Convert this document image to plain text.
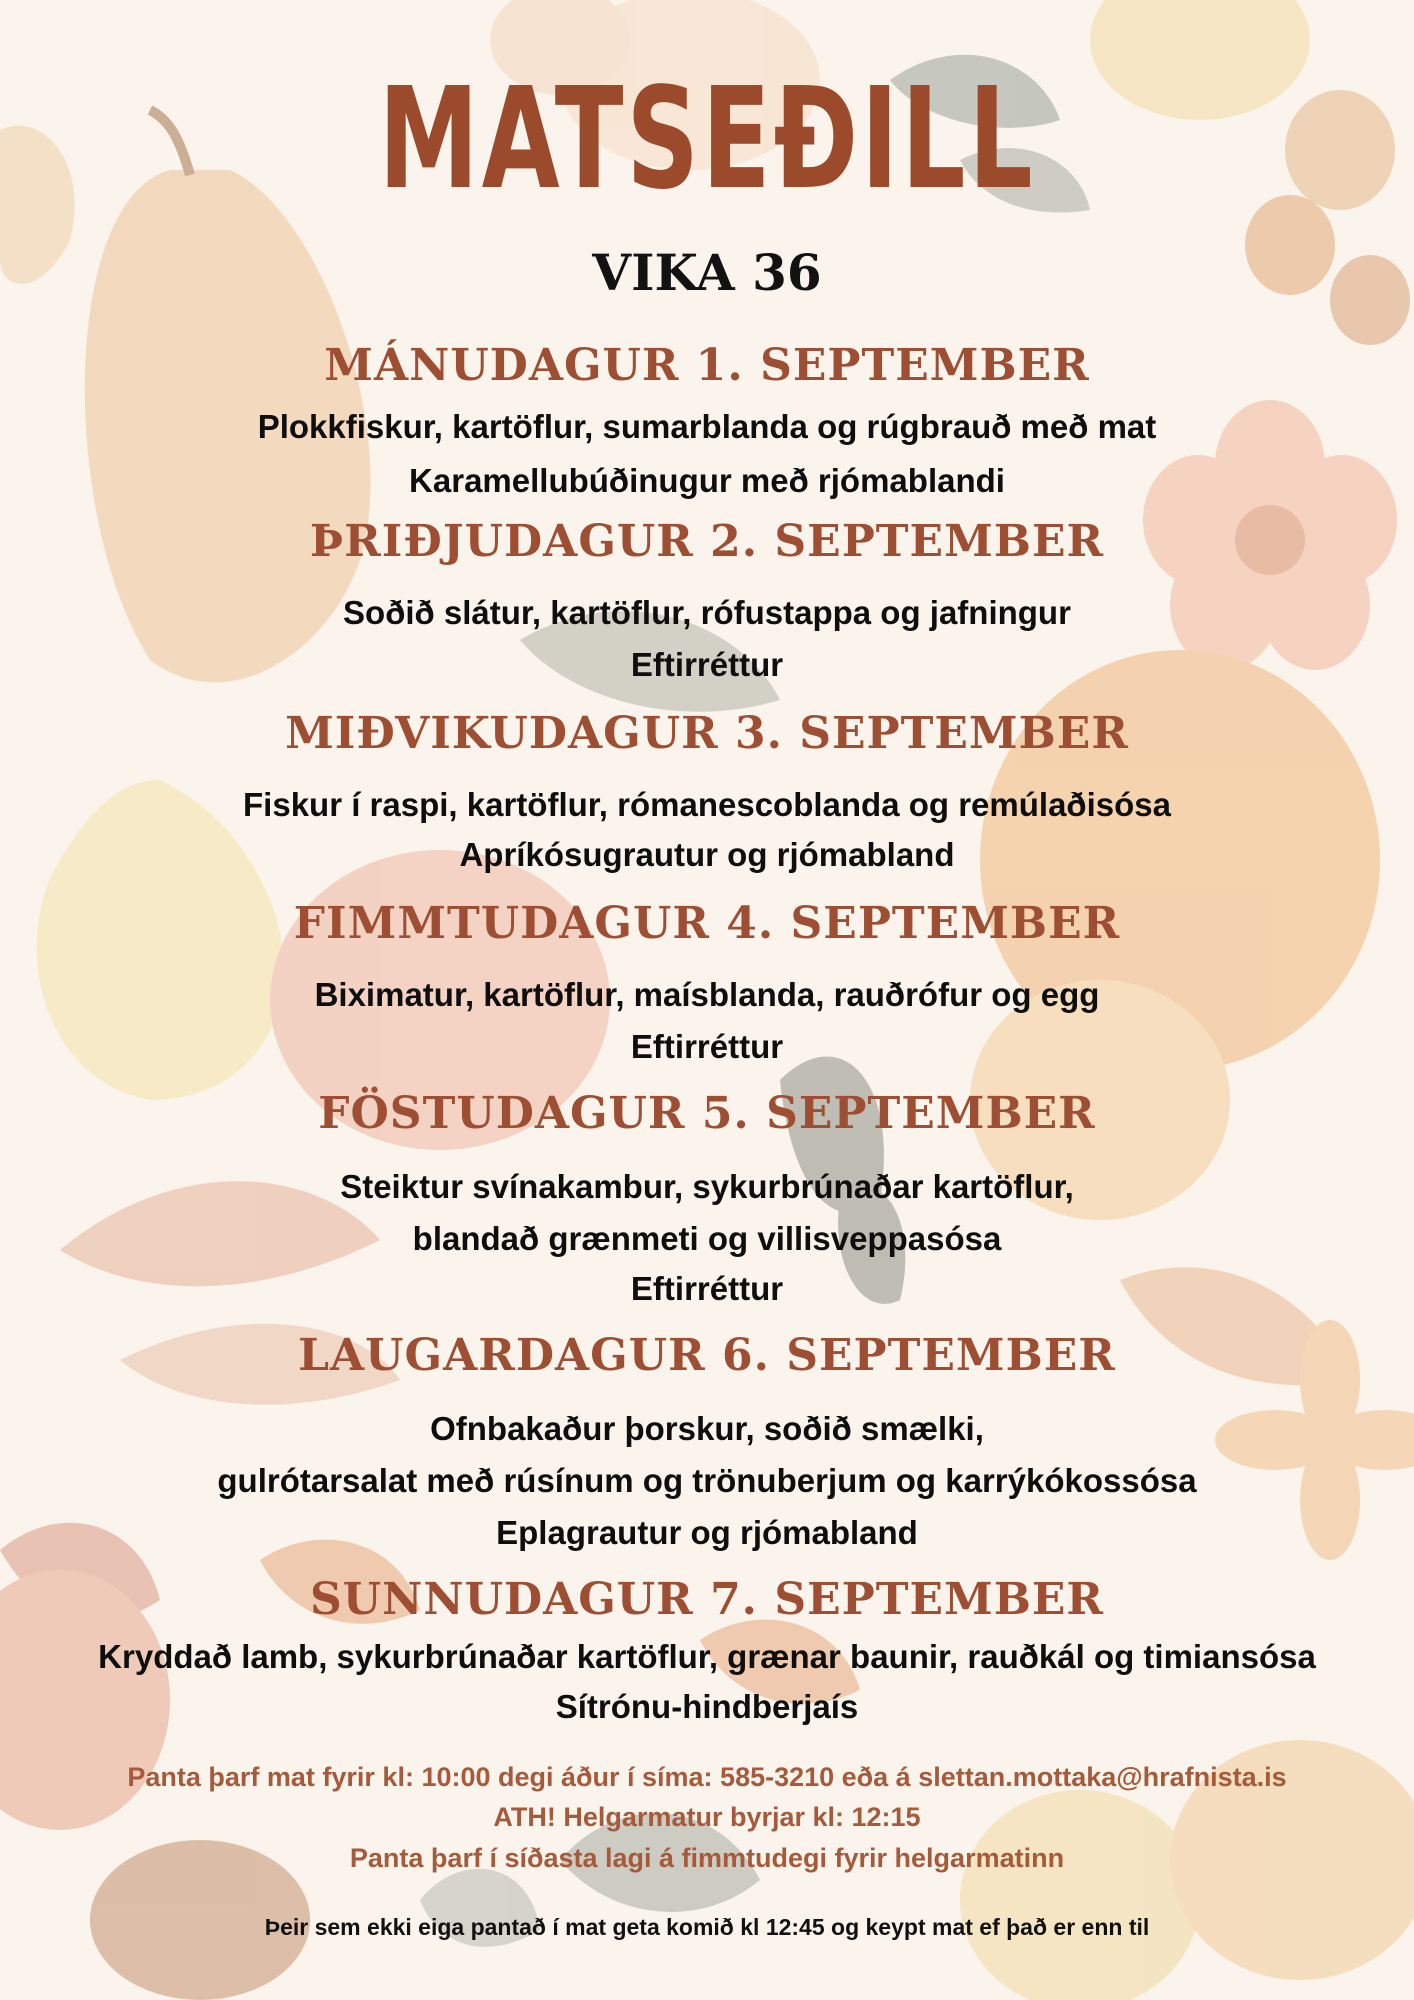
MATSEÐILL
VIKA 36
MÁNUDAGUR 1. SEPTEMBER
Plokkfiskur, kartöflur, sumarblanda og rúgbrauð með mat
Karamellubúðinugur með rjómablandi
ÞRIÐJUDAGUR 2. SEPTEMBER
Soðið slátur, kartöflur, rófustappa og jafningur
Eftirréttur
MIÐVIKUDAGUR 3. SEPTEMBER
Fiskur í raspi, kartöflur, rómanescoblanda og remúlaðisósa
Apríkósugrautur og rjómabland
FIMMTUDAGUR 4. SEPTEMBER
Biximatur, kartöflur, maísblanda, rauðrófur og egg
Eftirréttur
FÖSTUDAGUR 5. SEPTEMBER
Steiktur svínakambur, sykurbrúnaðar kartöflur,
blandað grænmeti og villisveppasósa
Eftirréttur
LAUGARDAGUR 6. SEPTEMBER
Ofnbakaður þorskur, soðið smælki,
gulrótarsalat með rúsínum og trönuberjum og karrýkókossósa
Eplagrautur og rjómabland
SUNNUDAGUR 7. SEPTEMBER
Kryddað lamb, sykurbrúnaðar kartöflur, grænar baunir, rauðkál og timiansósa
Sítrónu-hindberjaís
Panta þarf mat fyrir kl: 10:00 degi áður í síma: 585-3210 eða á slettan.mottaka@hrafnista.is
ATH! Helgarmatur byrjar kl: 12:15
Panta þarf í síðasta lagi á fimmtudegi fyrir helgarmatinn
Þeir sem ekki eiga pantað í mat geta komið kl 12:45 og keypt mat ef það er enn til
